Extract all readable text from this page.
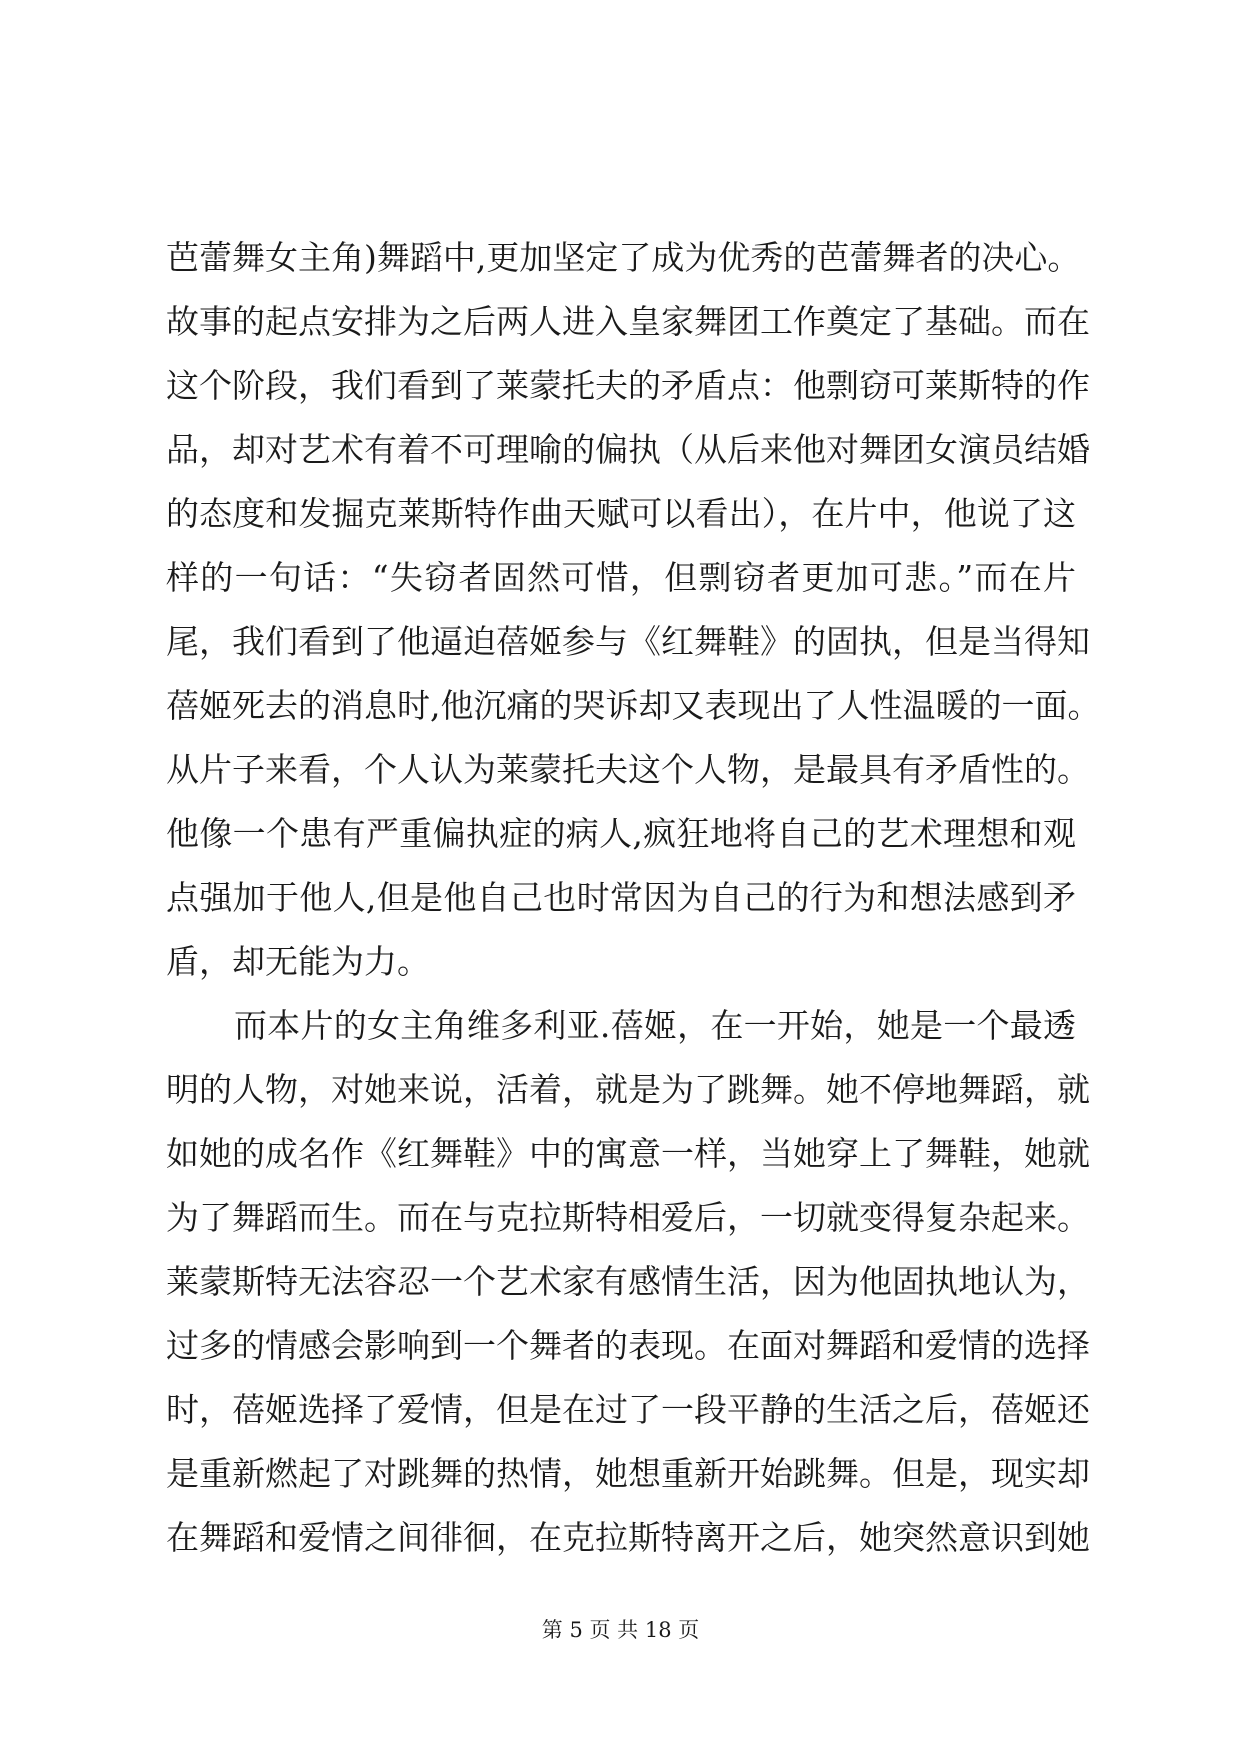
芭蕾舞女主角)舞蹈中,更加坚定了成为优秀的芭蕾舞者的决心。
故事的起点安排为之后两人进入皇家舞团工作奠定了基础。而在
这个阶段，我们看到了莱蒙托夫的矛盾点：他剽窃可莱斯特的作
品，却对艺术有着不可理喻的偏执（从后来他对舞团女演员结婚
的态度和发掘克莱斯特作曲天赋可以看出），在片中，他说了这
样的一句话：“失窃者固然可惜，但剽窃者更加可悲。”而在片
尾，我们看到了他逼迫蓓姬参与《红舞鞋》的固执，但是当得知
蓓姬死去的消息时,他沉痛的哭诉却又表现出了人性温暖的一面。
从片子来看，个人认为莱蒙托夫这个人物，是最具有矛盾性的。
他像一个患有严重偏执症的病人,疯狂地将自己的艺术理想和观
点强加于他人,但是他自己也时常因为自己的行为和想法感到矛
盾，却无能为力。
而本片的女主角维多利亚.蓓姬，在一开始，她是一个最透
明的人物，对她来说，活着，就是为了跳舞。她不停地舞蹈，就
如她的成名作《红舞鞋》中的寓意一样，当她穿上了舞鞋，她就
为了舞蹈而生。而在与克拉斯特相爱后，一切就变得复杂起来。
莱蒙斯特无法容忍一个艺术家有感情生活，因为他固执地认为，
过多的情感会影响到一个舞者的表现。在面对舞蹈和爱情的选择
时，蓓姬选择了爱情，但是在过了一段平静的生活之后，蓓姬还
是重新燃起了对跳舞的热情，她想重新开始跳舞。但是，现实却
在舞蹈和爱情之间徘徊，在克拉斯特离开之后，她突然意识到她
第 5 页 共 18 页
